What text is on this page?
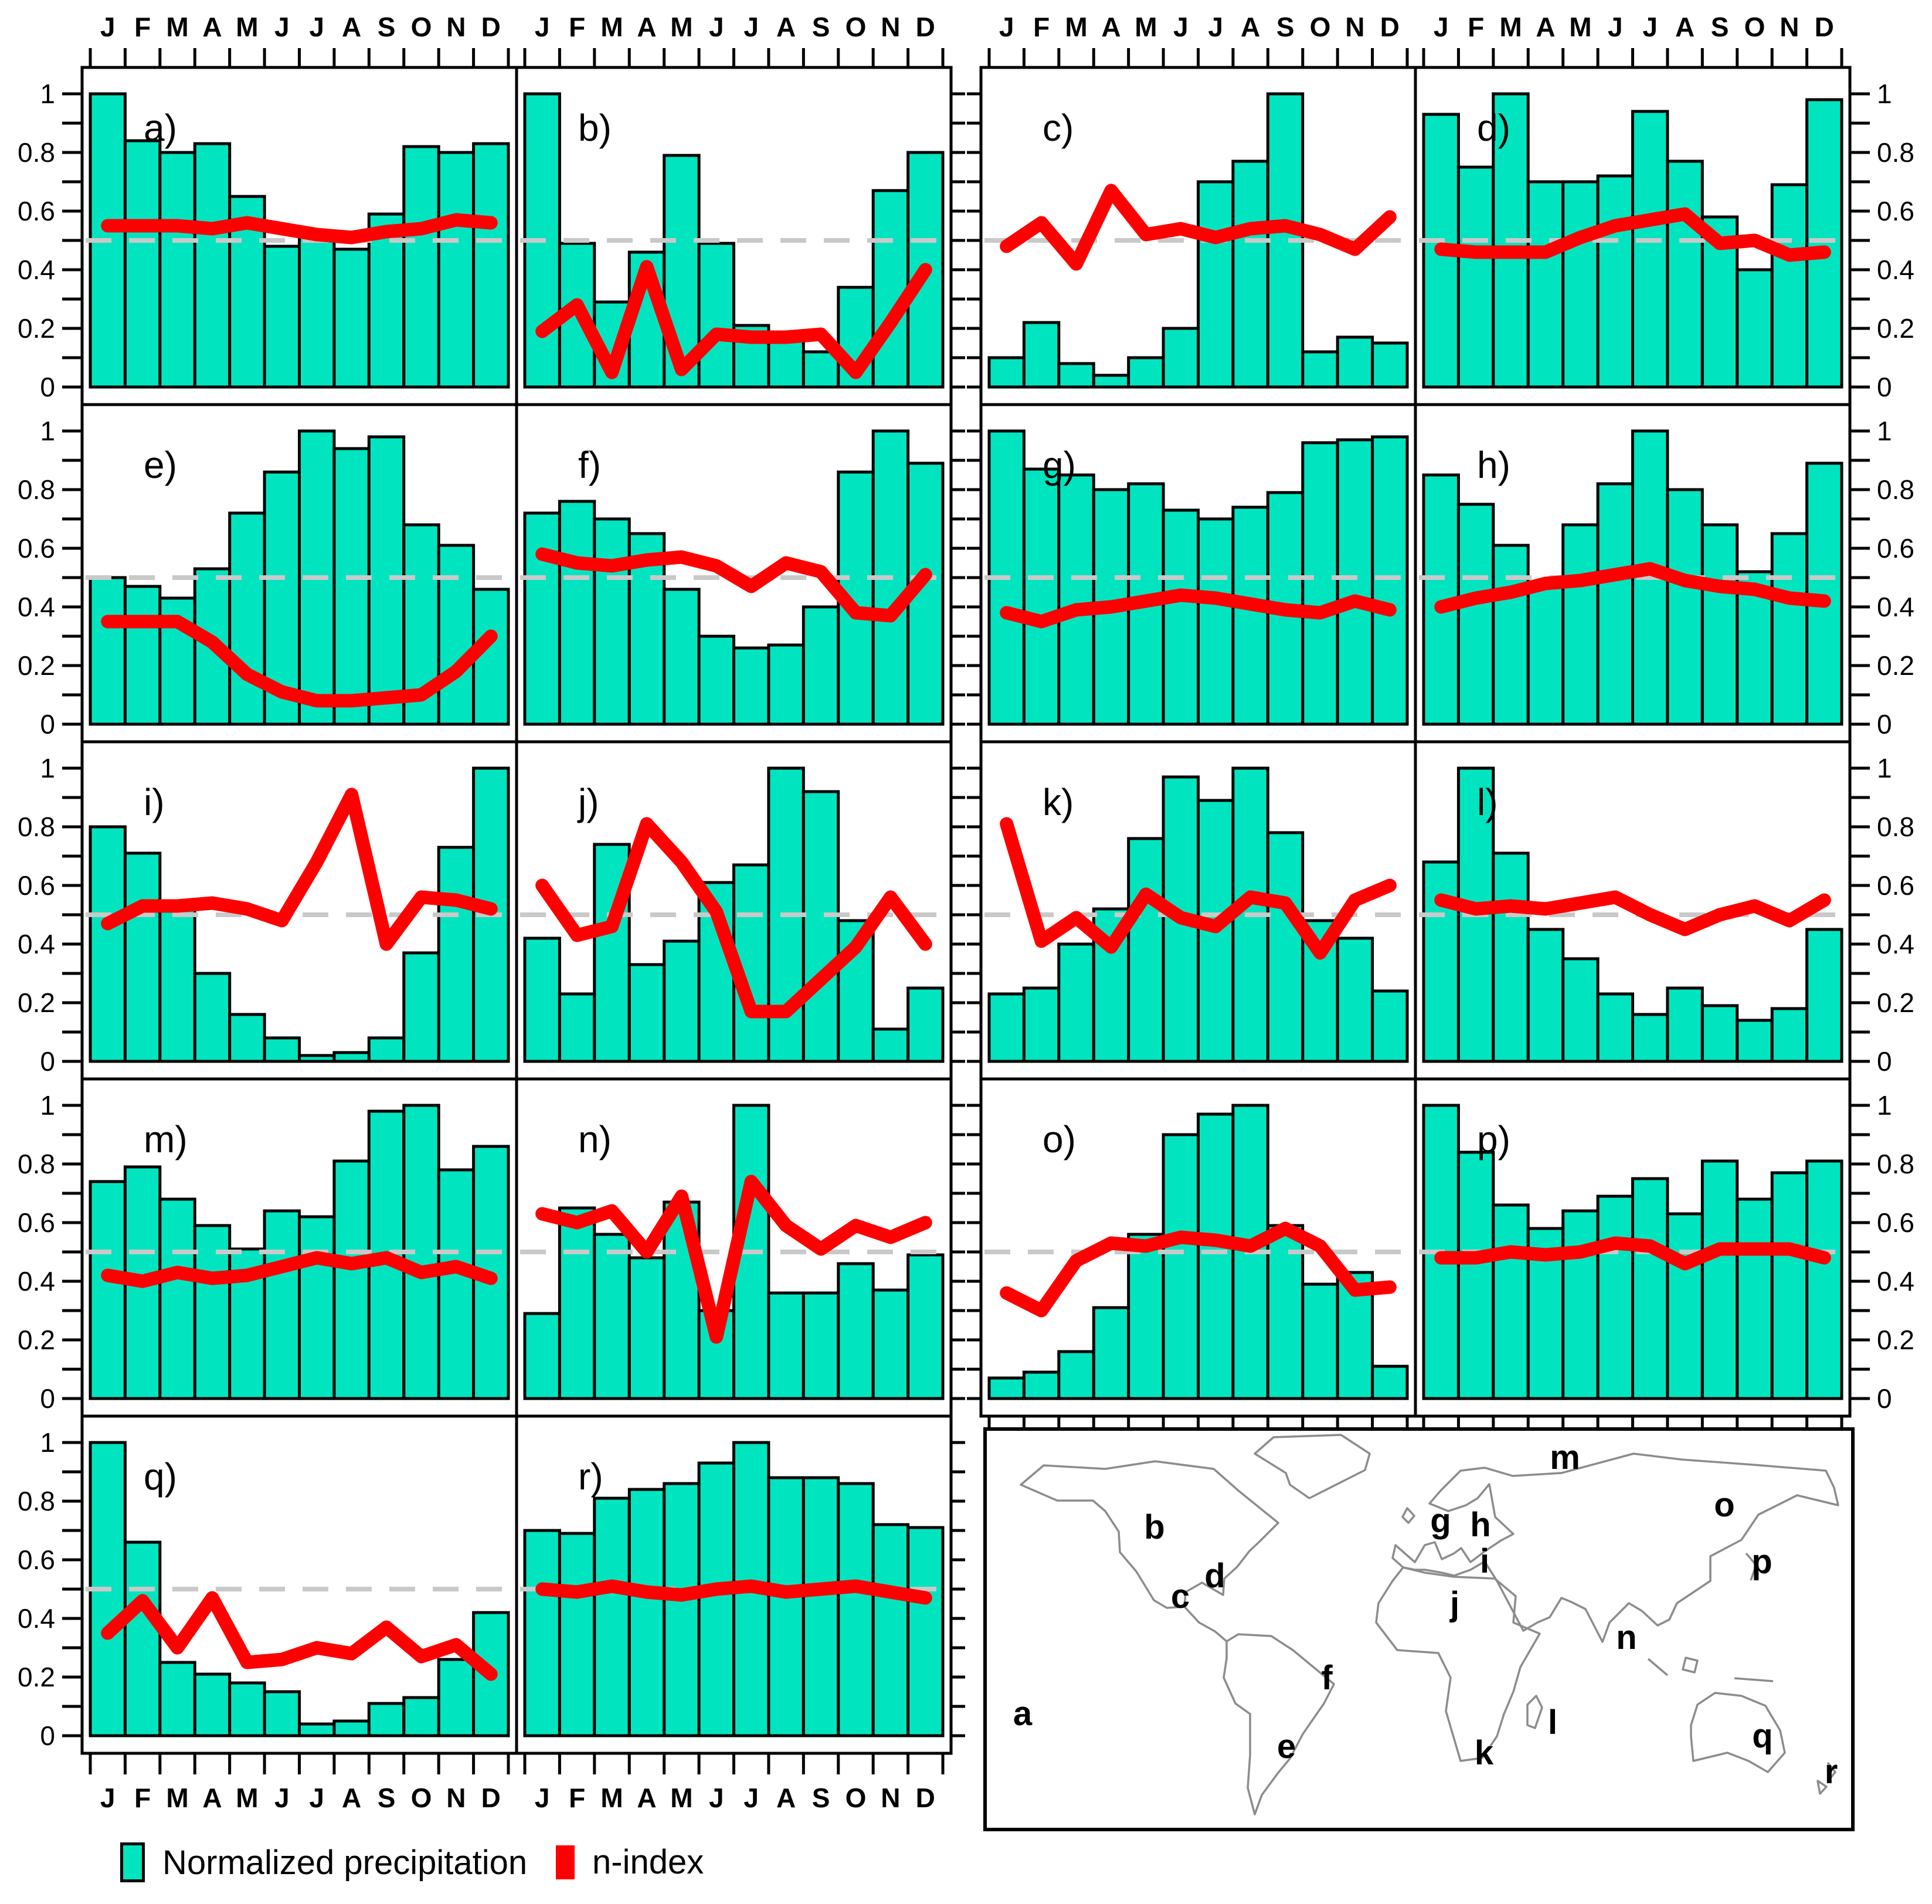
a)	b)	c)	d)
e)	f)	g)	h)
i)	j)	k)	l)
m)	n)	o)	p)
q)	r)
J
J
F
F
M
M
A
A
M
M
J
J
J
J
A
A
S
S
O
O
N
N
D
D
J
J
F
F
M
M
A
A
M
M
J
J
J
J
A
A
S
S
O
O
N
N
D
D
J F M A M J J A S O N D J F M A M J J A S O N D
0	0
0.2	0.2
0.4	0.4
0.6	0.6
0.8	0.8
1	1
0	0
0.2	0.2
0.4	0.4
0.6	0.6
0.8	0.8
1	1
0	0
0.2	0.2
0.4	0.4
0.6	0.6
0.8	0.8
1	1
0	0
0.2	0.2
0.4	0.4
0.6	0.6
0.8	0.8
1	1
0
0.2
0.4
0.6
0.8
1
a
b
c
d
e
f
g h
i
j
k
l
m
n
o
p
q
r
Normalized precipitation n-index
